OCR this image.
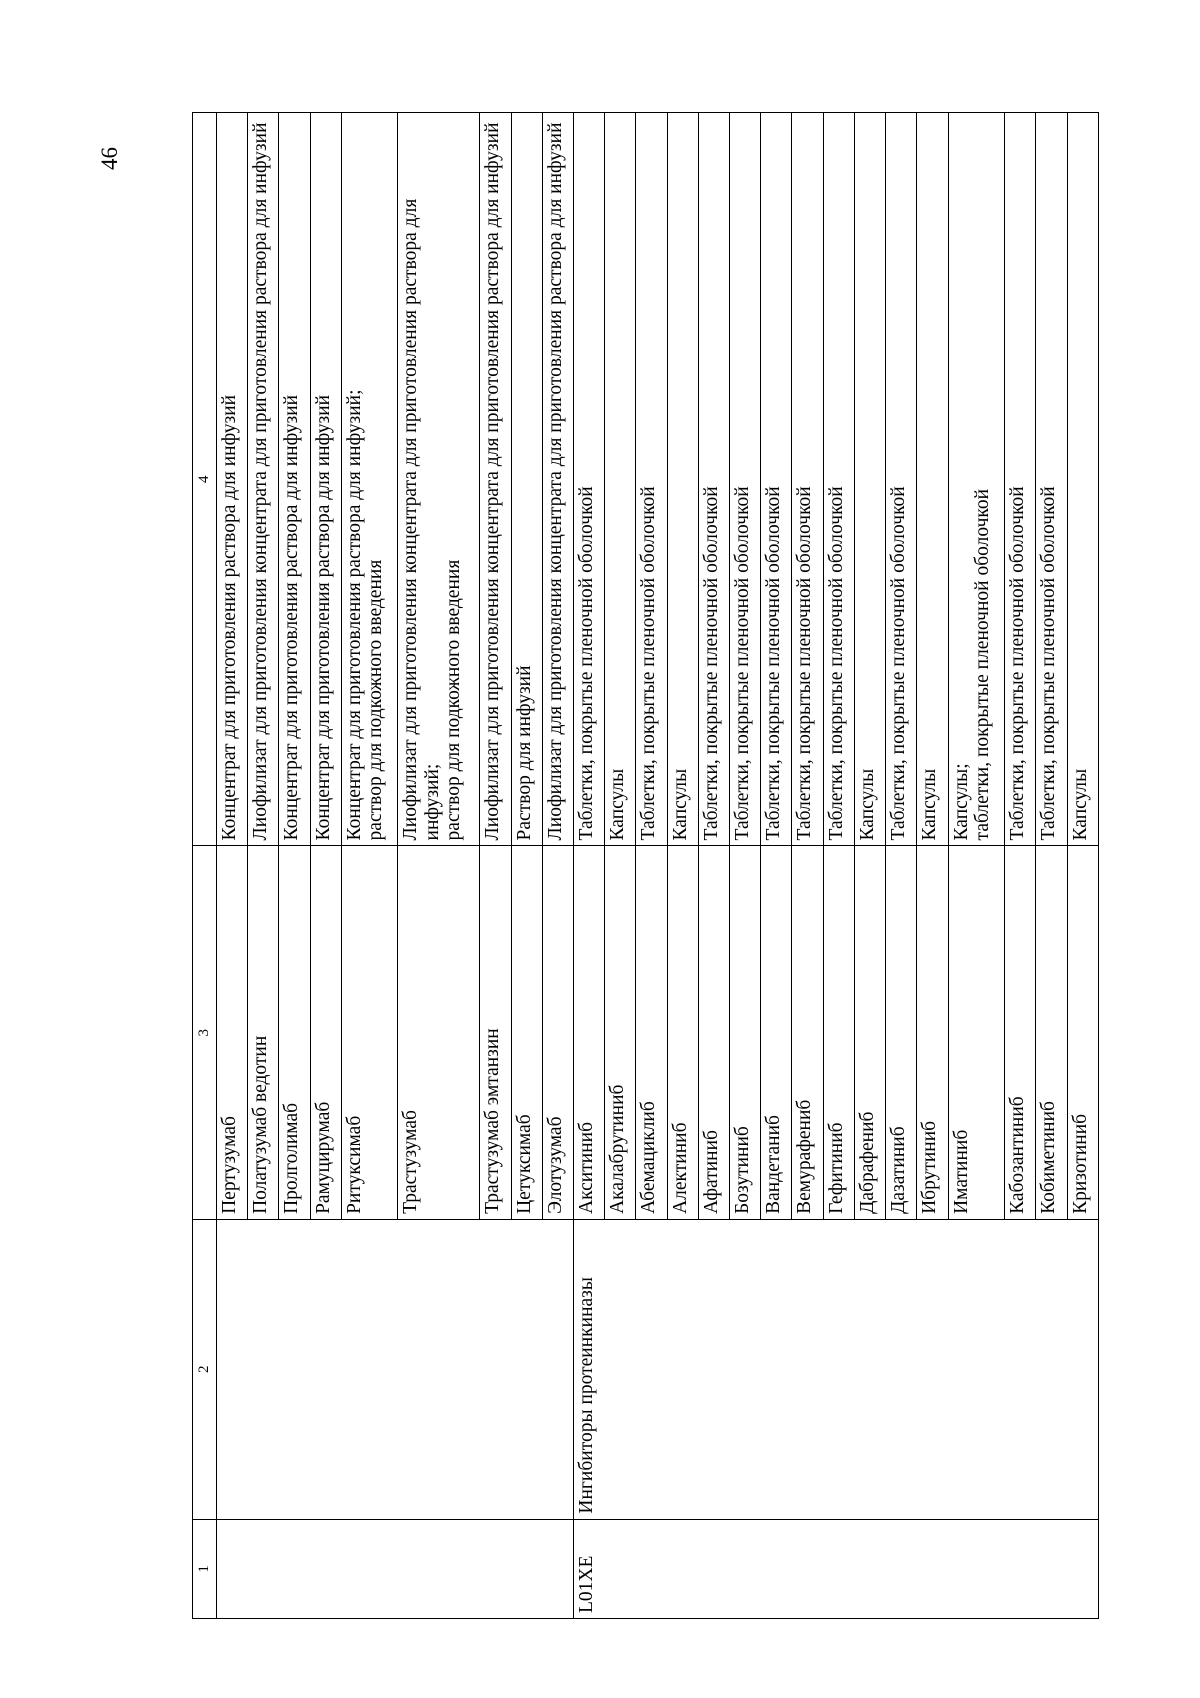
46
1	2	3	4
		Пертузумаб	Концентрат для приготовления раствора для инфузий
		Полатузумаб ведотин	Лиофилизат для приготовления концентрата для приготовления раствора для инфузий
		Пролголимаб	Концентрат для приготовления раствора для инфузий
		Рамуцирумаб	Концентрат для приготовления раствора для инфузий
		Ритуксимаб	Концентрат для приготовления раствора для инфузий;
раствор для подкожного введения
		Трастузумаб	Лиофилизат для приготовления концентрата для приготовления раствора для инфузий;
раствор для подкожного введения
		Трастузумаб эмтанзин	Лиофилизат для приготовления концентрата для приготовления раствора для инфузий
		Цетуксимаб	Раствор для инфузий
		Элотузумаб	Лиофилизат для приготовления концентрата для приготовления раствора для инфузий
L01XE	Ингибиторы протеинкиназы	Акситиниб	Таблетки, покрытые пленочной оболочкой
		Акалабрутиниб	Капсулы
		Абемациклиб	Таблетки, покрытые пленочной оболочкой
		Алектиниб	Капсулы
		Афатиниб	Таблетки, покрытые пленочной оболочкой
		Бозутиниб	Таблетки, покрытые пленочной оболочкой
		Вандетаниб	Таблетки, покрытые пленочной оболочкой
		Вемурафениб	Таблетки, покрытые пленочной оболочкой
		Гефитиниб	Таблетки, покрытые пленочной оболочкой
		Дабрафениб	Капсулы
		Дазатиниб	Таблетки, покрытые пленочной оболочкой
		Ибрутиниб	Капсулы
		Иматиниб	Капсулы;
таблетки, покрытые пленочной оболочкой
		Кабозантиниб	Таблетки, покрытые пленочной оболочкой
		Кобиметиниб	Таблетки, покрытые пленочной оболочкой
		Кризотиниб	Капсулы
